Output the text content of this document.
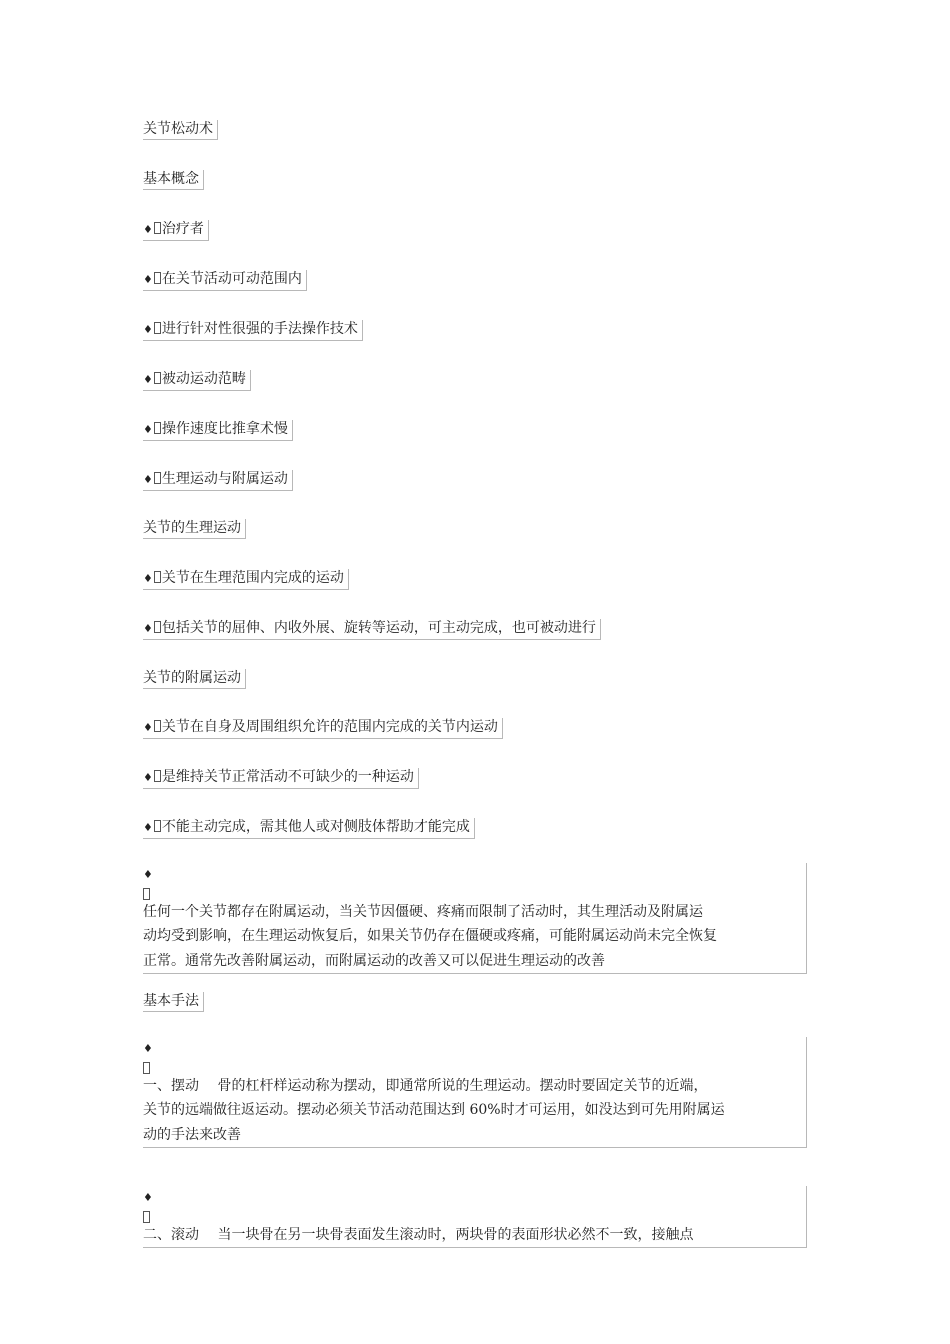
关节松动术
基本概念
♦ 治疗者
♦ 在关节活动可动范围内
♦ 进行针对性很强的手法操作技术
♦ 被动运动范畴
♦ 操作速度比推拿术慢
♦ 生理运动与附属运动
关节的生理运动
♦ 关节在生理范围内完成的运动
♦ 包括关节的屈伸、内收外展、旋转等运动，可主动完成，也可被动进行
关节的附属运动
♦ 关节在自身及周围组织允许的范围内完成的关节内运动
♦ 是维持关节正常活动不可缺少的一种运动
♦ 不能主动完成，需其他人或对侧肢体帮助才能完成
♦
任何一个关节都存在附属运动，当关节因僵硬、疼痛而限制了活动时，其生理活动及附属运
动均受到影响，在生理运动恢复后，如果关节仍存在僵硬或疼痛，可能附属运动尚未完全恢复
正常。通常先改善附属运动，而附属运动的改善又可以促进生理运动的改善
基本手法
♦
一、摆动　 骨的杠杆样运动称为摆动，即通常所说的生理运动。摆动时要固定关节的近端，
关节的远端做往返运动。摆动必须关节活动范围达到 60%时才可运用，如没达到可先用附属运
动的手法来改善
♦
二、滚动　 当一块骨在另一块骨表面发生滚动时，两块骨的表面形状必然不一致，接触点
